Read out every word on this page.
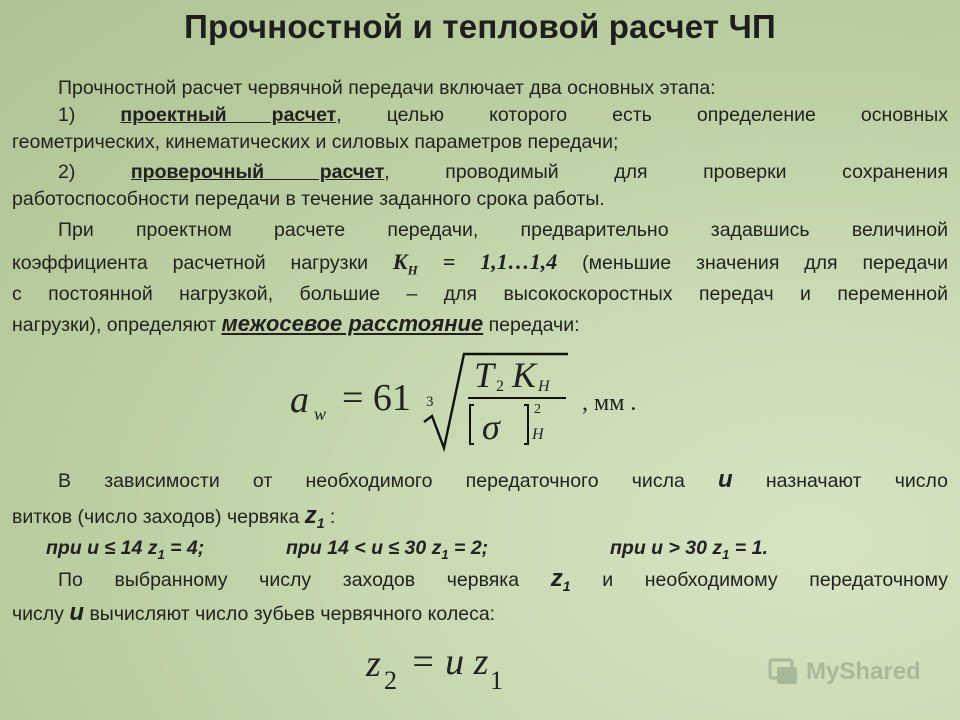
Прочностной и тепловой расчет ЧП
Прочностной расчет червячной передачи включает два основных этапа:
1) проектный расчет, целью которого есть определение основных
геометрических, кинематических и силовых параметров передачи;
2)	проверочный расчет, проводимый для проверки сохранения
работоспособности передачи в течение заданного срока работы.
При проектном расчете передачи, предварительно задавшись величиной
коэффициента расчетной нагрузки $K_H$ = 1,1…1,4 (меньшие значения для передачи
с постоянной нагрузкой, большие – для высокоскоростных передач и переменной
нагрузки), определяют межосевое расстояние передачи:
a w = 61 3
T 2 K H
σ 2
H
, мм .
В зависимости от необходимого передаточного числа u назначают число
витков (число заходов) червяка $z_1$ :
при u ≤ 14 $z_1 = 4$;	при 14 < u ≤ 30 $z_1 = 2$;	при u > 30 $z_1 = 1$.
По выбранному числу заходов червяка $z_1$ и необходимому передаточному
числу u вычисляют число зубьев червячного колеса:
z 2 = u z 1	MyShared
